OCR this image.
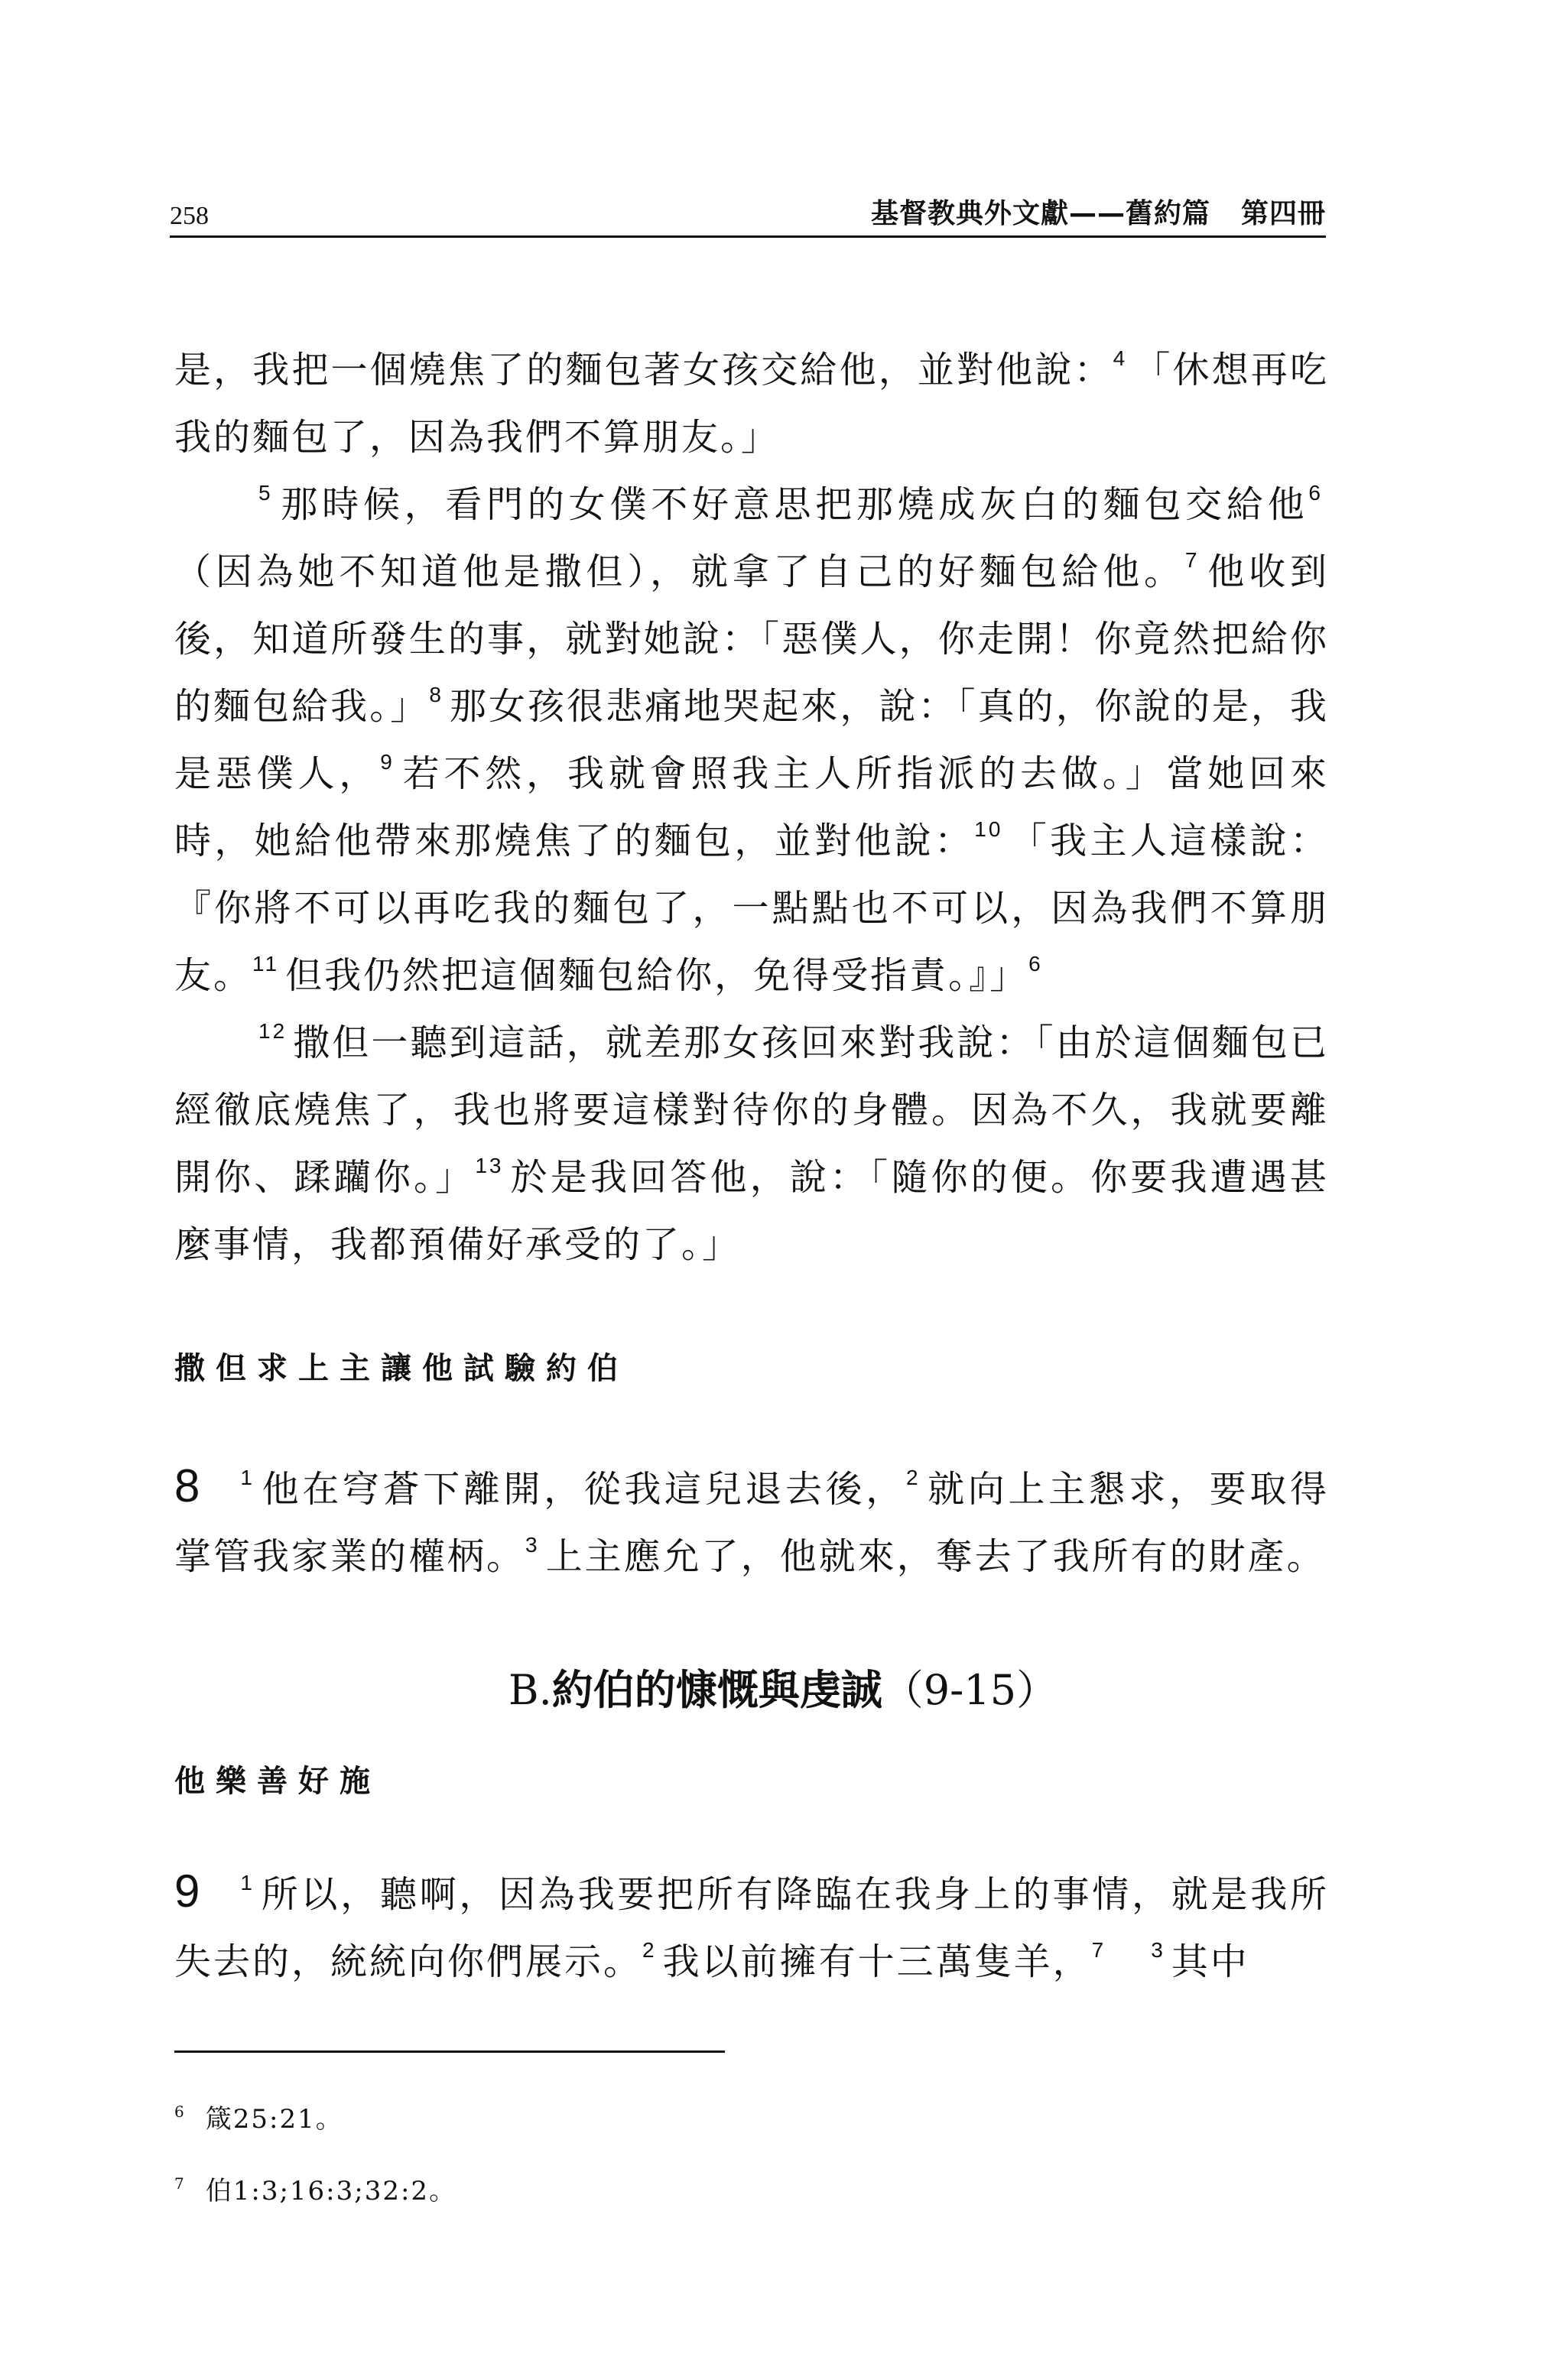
258	基督教典外文獻——舊約篇 第四冊

是，我把一個燒焦了的麵包著女孩交給他，並對他說：$^4$ 「休想再吃我的麵包了，因為我們不算朋友。」

$^5$ 那時候，看門的女僕不好意思把那燒成灰白的麵包交給他$^6$（因為她不知道他是撒但），就拿了自己的好麵包給他。$^7$ 他收到後，知道所發生的事，就對她說：「惡僕人，你走開！你竟然把給你的麵包給我。」$^8$ 那女孩很悲痛地哭起來，說：「真的，你說的是，我是惡僕人，$^9$ 若不然，我就會照我主人所指派的去做。」當她回來時，她給他帶來那燒焦了的麵包，並對他說：$^{10}$ 「我主人這樣說：『你將不可以再吃我的麵包了，一點點也不可以，因為我們不算朋友。$^{11}$ 但我仍然把這個麵包給你，免得受指責。』」$^6$

$^{12}$ 撒但一聽到這話，就差那女孩回來對我說：「由於這個麵包已經徹底燒焦了，我也將要這樣對待你的身體。因為不久，我就要離開你、蹂躪你。」$^{13}$ 於是我回答他，說：「隨你的便。你要我遭遇甚麼事情，我都預備好承受的了。」

撒但求上主讓他試驗約伯

8 $^1$ 他在穹蒼下離開，從我這兒退去後，$^2$ 就向上主懇求，要取得掌管我家業的權柄。$^3$ 上主應允了，他就來，奪去了我所有的財產。

B.約伯的慷慨與虔誠（9-15）
他樂善好施

9 $^1$ 所以，聽啊，因為我要把所有降臨在我身上的事情，就是我所失去的，統統向你們展示。$^2$ 我以前擁有十三萬隻羊，$^7$　 $^3$ 其中

$^6$ 箴25:21。
$^7$ 伯1:3;16:3;32:2。
